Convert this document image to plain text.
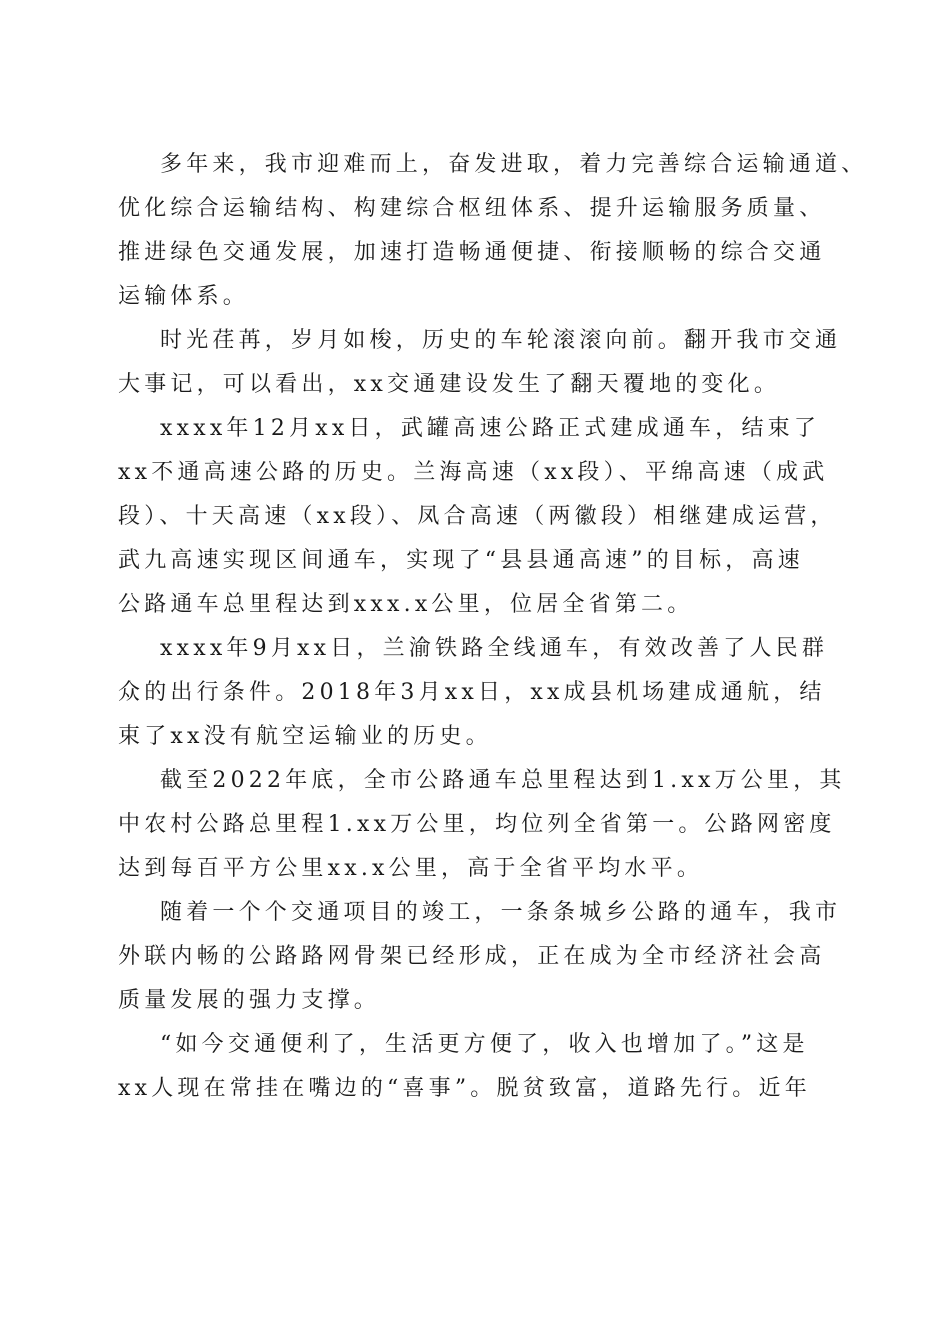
多年来，我市迎难而上，奋发进取，着力完善综合运输通道、
优化综合运输结构、构建综合枢纽体系、提升运输服务质量、
推进绿色交通发展，加速打造畅通便捷、衔接顺畅的综合交通
运输体系。
时光荏苒，岁月如梭，历史的车轮滚滚向前。翻开我市交通
大事记，可以看出，xx交通建设发生了翻天覆地的变化。
xxxx年12月xx日，武罐高速公路正式建成通车，结束了
xx不通高速公路的历史。兰海高速（xx段）、平绵高速（成武
段）、十天高速（xx段）、凤合高速（两徽段）相继建成运营，
武九高速实现区间通车，实现了“县县通高速”的目标，高速
公路通车总里程达到xxx.x公里，位居全省第二。
xxxx年9月xx日，兰渝铁路全线通车，有效改善了人民群
众的出行条件。2018年3月xx日，xx成县机场建成通航，结
束了xx没有航空运输业的历史。
截至2022年底，全市公路通车总里程达到1.xx万公里，其
中农村公路总里程1.xx万公里，均位列全省第一。公路网密度
达到每百平方公里xx.x公里，高于全省平均水平。
随着一个个交通项目的竣工，一条条城乡公路的通车，我市
外联内畅的公路路网骨架已经形成，正在成为全市经济社会高
质量发展的强力支撑。
“如今交通便利了，生活更方便了，收入也增加了。”这是
xx人现在常挂在嘴边的“喜事”。脱贫致富，道路先行。近年
